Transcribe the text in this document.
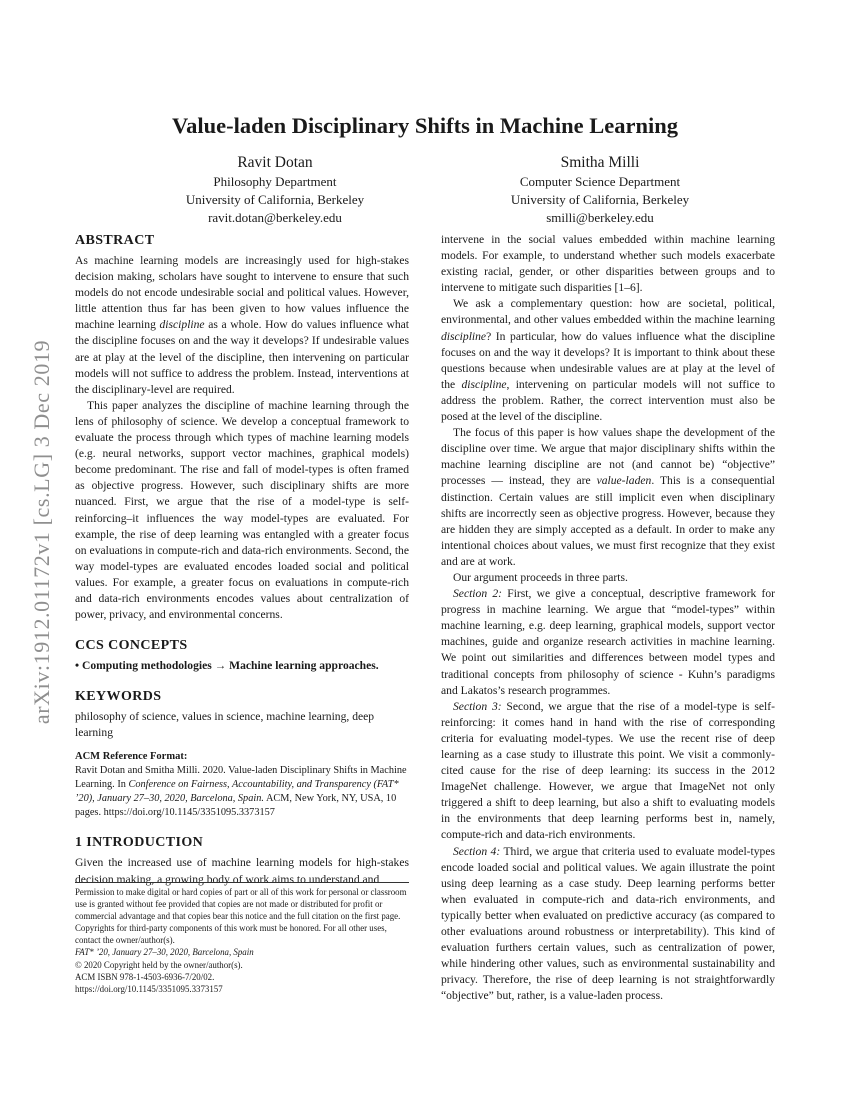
arXiv:1912.01172v1 [cs.LG] 3 Dec 2019
Value-laden Disciplinary Shifts in Machine Learning
Ravit Dotan
Philosophy Department
University of California, Berkeley
ravit.dotan@berkeley.edu
Smitha Milli
Computer Science Department
University of California, Berkeley
smilli@berkeley.edu
ABSTRACT

As machine learning models are increasingly used for high-stakes decision making, scholars have sought to intervene to ensure that such models do not encode undesirable social and political values. However, little attention thus far has been given to how values influence the machine learning discipline as a whole. How do values influence what the discipline focuses on and the way it develops? If undesirable values are at play at the level of the discipline, then intervening on particular models will not suffice to address the problem. Instead, interventions at the disciplinary-level are required.

This paper analyzes the discipline of machine learning through the lens of philosophy of science. We develop a conceptual framework to evaluate the process through which types of machine learning models (e.g. neural networks, support vector machines, graphical models) become predominant. The rise and fall of model-types is often framed as objective progress. However, such disciplinary shifts are more nuanced. First, we argue that the rise of a model-type is self-reinforcing–it influences the way model-types are evaluated. For example, the rise of deep learning was entangled with a greater focus on evaluations in compute-rich and data-rich environments. Second, the way model-types are evaluated encodes loaded social and political values. For example, a greater focus on evaluations in compute-rich and data-rich environments encodes values about centralization of power, privacy, and environmental concerns.

CCS CONCEPTS

• Computing methodologies → Machine learning approaches.

KEYWORDS

philosophy of science, values in science, machine learning, deep learning

ACM Reference Format:

Ravit Dotan and Smitha Milli. 2020. Value-laden Disciplinary Shifts in Machine Learning. In Conference on Fairness, Accountability, and Transparency (FAT* ’20), January 27–30, 2020, Barcelona, Spain. ACM, New York, NY, USA, 10 pages. https://doi.org/10.1145/3351095.3373157

1 INTRODUCTION

Given the increased use of machine learning models for high-stakes decision making, a growing body of work aims to understand and

Permission to make digital or hard copies of part or all of this work for personal or classroom use is granted without fee provided that copies are not made or distributed for profit or commercial advantage and that copies bear this notice and the full citation on the first page. Copyrights for third-party components of this work must be honored. For all other uses, contact the owner/author(s).

FAT* ’20, January 27–30, 2020, Barcelona, Spain

© 2020 Copyright held by the owner/author(s).

ACM ISBN 978-1-4503-6936-7/20/02.

https://doi.org/10.1145/3351095.3373157

intervene in the social values embedded within machine learning models. For example, to understand whether such models exacerbate existing racial, gender, or other disparities between groups and to intervene to mitigate such disparities [1–6].

We ask a complementary question: how are societal, political, environmental, and other values embedded within the machine learning discipline? In particular, how do values influence what the discipline focuses on and the way it develops? It is important to think about these questions because when undesirable values are at play at the level of the discipline, intervening on particular models will not suffice to address the problem. Rather, the correct intervention must also be posed at the level of the discipline.

The focus of this paper is how values shape the development of the discipline over time. We argue that major disciplinary shifts within the machine learning discipline are not (and cannot be) “objective” processes — instead, they are value-laden. This is a consequential distinction. Certain values are still implicit even when disciplinary shifts are incorrectly seen as objective progress. However, because they are hidden they are simply accepted as a default. In order to make any intentional choices about values, we must first recognize that they exist and are at work.

Our argument proceeds in three parts.

Section 2: First, we give a conceptual, descriptive framework for progress in machine learning. We argue that “model-types” within machine learning, e.g. deep learning, graphical models, support vector machines, guide and organize research activities in machine learning. We point out similarities and differences between model types and traditional concepts from philosophy of science - Kuhn’s paradigms and Lakatos’s research programmes.

Section 3: Second, we argue that the rise of a model-type is self-reinforcing: it comes hand in hand with the rise of corresponding criteria for evaluating model-types. We use the recent rise of deep learning as a case study to illustrate this point. We visit a commonly-cited cause for the rise of deep learning: its success in the 2012 ImageNet challenge. However, we argue that ImageNet not only triggered a shift to deep learning, but also a shift to evaluating models in the environments that deep learning performs best in, namely, compute-rich and data-rich environments.

Section 4: Third, we argue that criteria used to evaluate model-types encode loaded social and political values. We again illustrate the point using deep learning as a case study. Deep learning performs better when evaluated in compute-rich and data-rich environments, and typically better when evaluated on predictive accuracy (as compared to other evaluations around robustness or interpretability). This kind of evaluation furthers certain values, such as centralization of power, while hindering other values, such as environmental sustainability and privacy. Therefore, the rise of deep learning is not straightforwardly “objective” but, rather, is a value-laden process.
